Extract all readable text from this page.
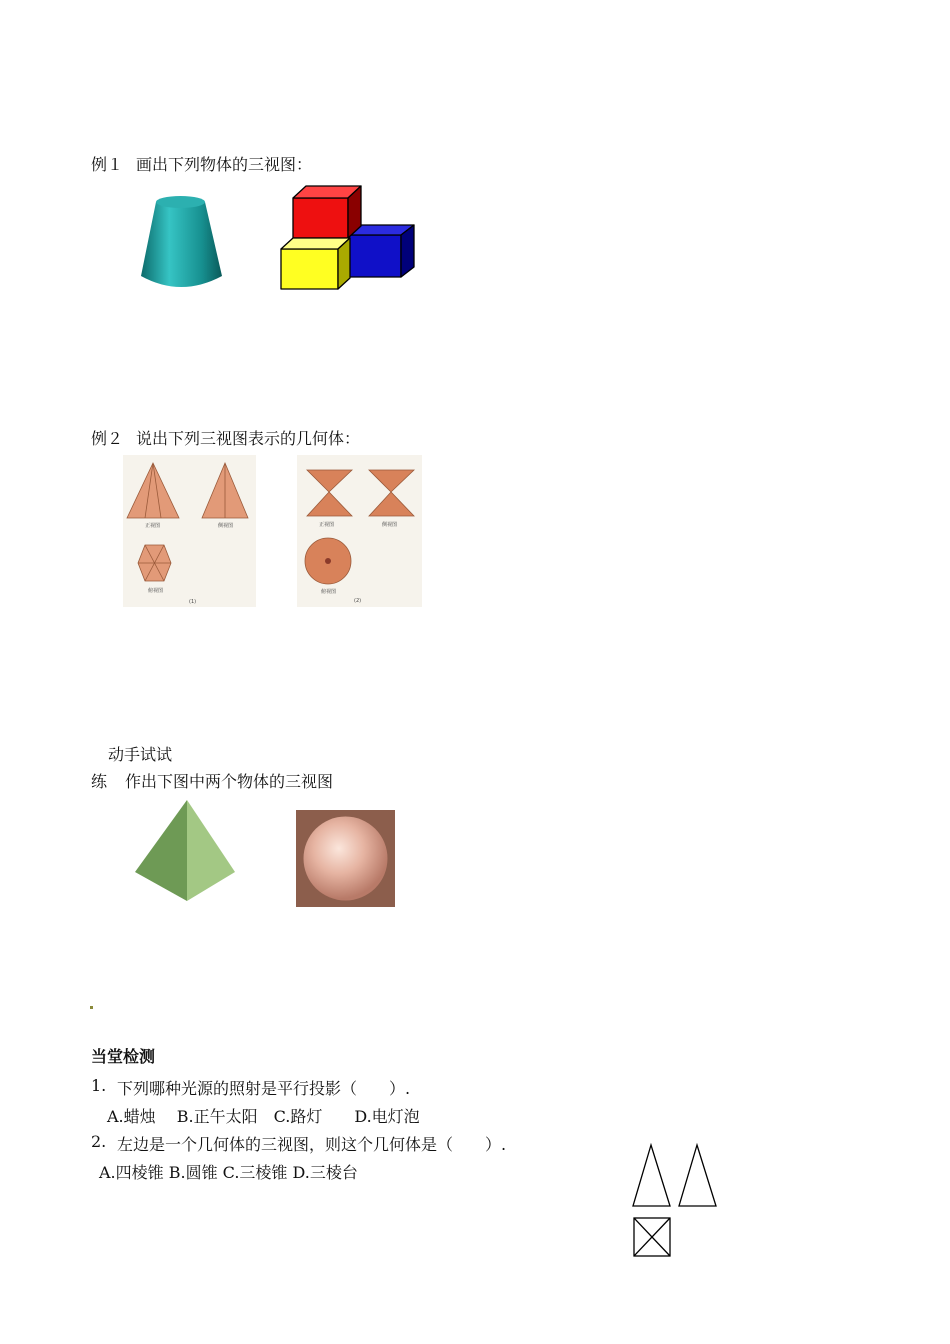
例１ 画出下列物体的三视图：
例２ 说出下列三视图表示的几何体：
正视图	侧视图
俯视图
(1)
正视图	侧视图
俯视图
(2)
动手试试
练 作出下图中两个物体的三视图
当堂检测
1. 下列哪种光源的照射是平行投影（　　）.
A.蜡烛　 B.正午太阳　C.路灯　　D.电灯泡
2. 左边是一个几何体的三视图，则这个几何体是（　　）.
A.四棱锥 B.圆锥 C.三棱锥 D.三棱台
